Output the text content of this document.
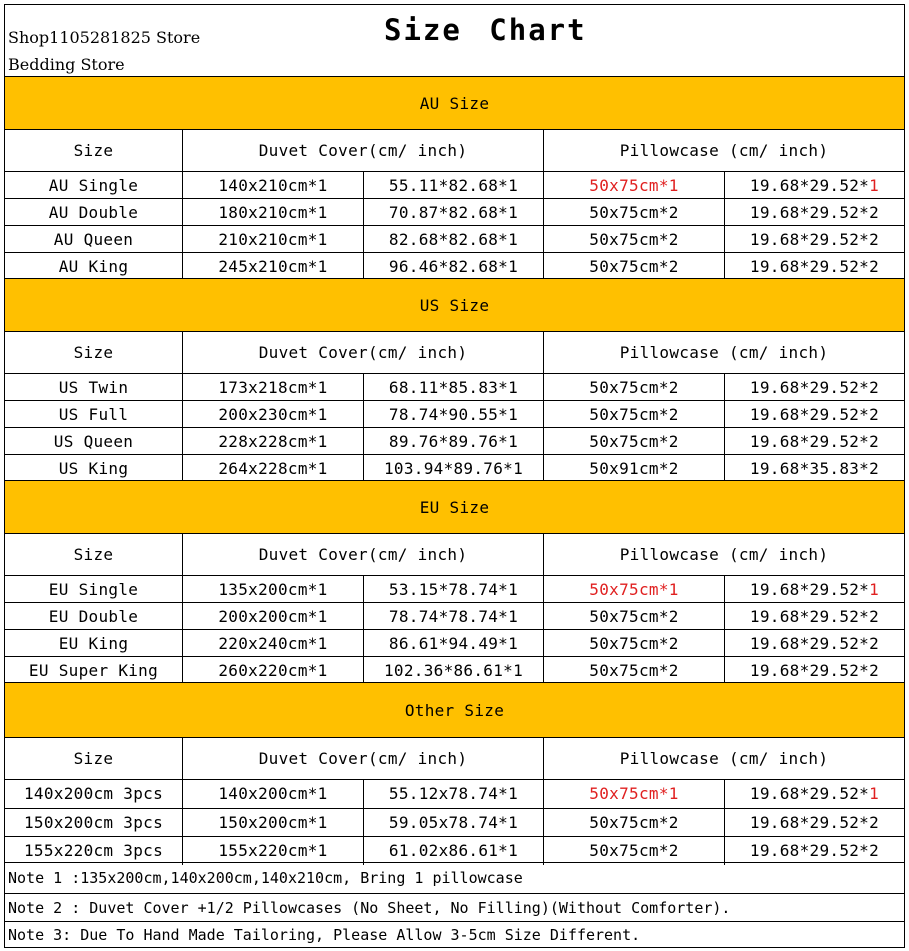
Shop1105281825 Store
Bedding Store
Size Chart
AU Size
Size	Duvet Cover(cm/ inch)	Pillowcase (cm/ inch)
AU Single	140x210cm*1	55.11*82.68*1	50x75cm*1	19.68*29.52* 1
AU Double	180x210cm*1	70.87*82.68*1	50x75cm*2	19.68*29.52* 2
AU Queen	210x210cm*1	82.68*82.68*1	50x75cm*2	19.68*29.52* 2
AU King	245x210cm*1	96.46*82.68*1	50x75cm*2	19.68*29.52* 2
US Size
Size	Duvet Cover(cm/ inch)	Pillowcase (cm/ inch)
US Twin	173x218cm*1	68.11*85.83*1	50x75cm*2	19.68*29.52* 2
US Full	200x230cm*1	78.74*90.55*1	50x75cm*2	19.68*29.52* 2
US Queen	228x228cm*1	89.76*89.76*1	50x75cm*2	19.68*29.52* 2
US King	264x228cm*1	103.94*89.76*1	50x91cm*2	19.68*35.83* 2
EU Size
Size	Duvet Cover(cm/ inch)	Pillowcase (cm/ inch)
EU Single	135x200cm*1	53.15*78.74*1	50x75cm*1	19.68*29.52* 1
EU Double	200x200cm*1	78.74*78.74*1	50x75cm*2	19.68*29.52* 2
EU King	220x240cm*1	86.61*94.49*1	50x75cm*2	19.68*29.52* 2
EU Super King	260x220cm*1	102.36*86.61*1	50x75cm*2	19.68*29.52* 2
Other Size
Size	Duvet Cover(cm/ inch)	Pillowcase (cm/ inch)
140x200cm 3pcs	140x200cm*1	55.12x78.74*1	50x75cm*1	19.68*29.52* 1
150x200cm 3pcs	150x200cm*1	59.05x78.74*1	50x75cm*2	19.68*29.52* 2
155x220cm 3pcs	155x220cm*1	61.02x86.61*1	50x75cm*2	19.68*29.52* 2
Note 1 :135x200cm,140x200cm,140x210cm, Bring 1 pillowcase
Note 2 : Duvet Cover +1/2 Pillowcases (No Sheet, No Filling)(Without Comforter).
Note 3: Due To Hand Made Tailoring, Please Allow 3-5cm Size Different.
